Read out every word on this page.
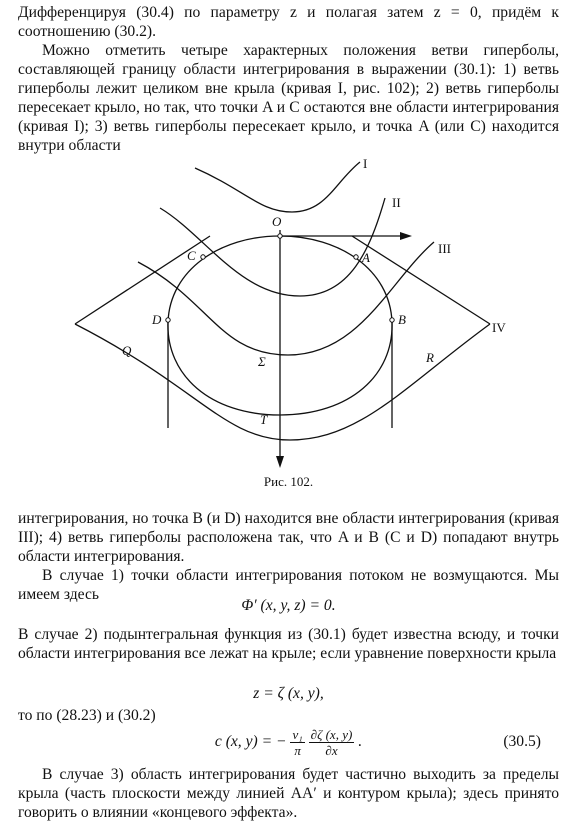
Дифференцируя (30.4) по параметру z и полагая затем z = 0, придём к соотношению (30.2).

Можно отметить четыре характерных положения ветви гиперболы, составляющей границу области интегрирования в выражении (30.1): 1) ветвь гиперболы лежит целиком вне крыла (кривая I, рис. 102); 2) ветвь гиперболы пересекает крыло, но так, что точки A и C остаются вне области интегрирования (кривая I); 3) ветвь гиперболы пересекает крыло, и точка A (или C) находится внутри области

O
C	A
D	B
Σ
T
Q	R
I
II
III
IV
Рис. 102.

интегрирования, но точка B (и D) находится вне области интегрирования (кривая III); 4) ветвь гиперболы расположена так, что A и B (C и D) попадают внутрь области интегрирования.

В случае 1) точки области интегрирования потоком не возмущаются. Мы имеем здесь

Φ′ (x, y, z) = 0.

В случае 2) подынтегральная функция из (30.1) будет известна всюду, и точки области интегрирования все лежат на крыле; если уравнение поверхности крыла

z = ζ (x, y),

то по (28.23) и (30.2)

c (x, y) = − $\frac{\text{v₁}}{\pi}$
$\frac{\partial\zeta (x, y)}{\partial x}$ .	(30.5)

В случае 3) область интегрирования будет частично выходить за пределы крыла (часть плоскости между линией AA′ и контуром крыла); здесь принято говорить о влиянии «концевого эффекта».
